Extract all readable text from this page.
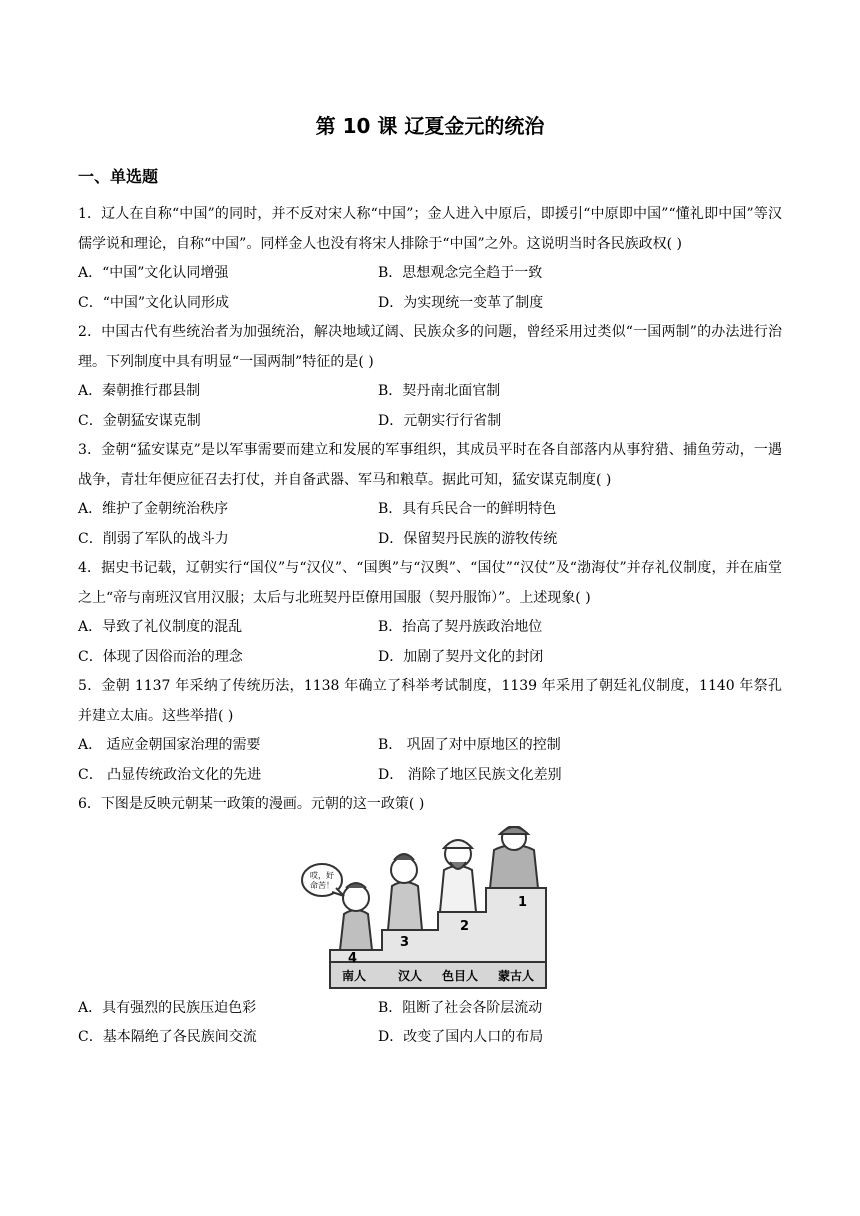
第 10 课 辽夏金元的统治
一、单选题
1．辽人在自称“中国”的同时，并不反对宋人称“中国”；金人进入中原后，即援引“中原即中国”“懂礼即中国”等汉儒学说和理论，自称“中国”。同样金人也没有将宋人排除于“中国”之外。这说明当时各民族政权( )
A．“中国”文化认同增强	B．思想观念完全趋于一致
C．“中国”文化认同形成	D．为实现统一变革了制度
2．中国古代有些统治者为加强统治，解决地域辽阔、民族众多的问题，曾经采用过类似“一国两制”的办法进行治理。下列制度中具有明显“一国两制”特征的是( )
A．秦朝推行郡县制	B．契丹南北面官制
C．金朝猛安谋克制	D．元朝实行行省制
3．金朝“猛安谋克”是以军事需要而建立和发展的军事组织，其成员平时在各自部落内从事狩猎、捕鱼劳动，一遇战争，青壮年便应征召去打仗，并自备武器、军马和粮草。据此可知，猛安谋克制度( )
A．维护了金朝统治秩序	B．具有兵民合一的鲜明特色
C．削弱了军队的战斗力	D．保留契丹民族的游牧传统
4．据史书记载，辽朝实行“国仪”与“汉仪”、“国舆”与“汉舆”、“国仗”“汉仗”及“渤海仗”并存礼仪制度，并在庙堂之上“帝与南班汉官用汉服；太后与北班契丹臣僚用国服（契丹服饰）”。上述现象( )
A．导致了礼仪制度的混乱	B．抬高了契丹族政治地位
C．体现了因俗而治的理念	D．加剧了契丹文化的封闭
5．金朝 1137 年采纳了传统历法，1138 年确立了科举考试制度，1139 年采用了朝廷礼仪制度，1140 年祭孔并建立太庙。这些举措( )
A． 适应金朝国家治理的需要	B． 巩固了对中原地区的控制
C． 凸显传统政治文化的先进	D． 消除了地区民族文化差别
6．下图是反映元朝某一政策的漫画。元朝的这一政策( )
哎，好
命苦！
4
3
2
1
南人	汉人 色目人 蒙古人
A．具有强烈的民族压迫色彩	B．阻断了社会各阶层流动
C．基本隔绝了各民族间交流	D．改变了国内人口的布局
